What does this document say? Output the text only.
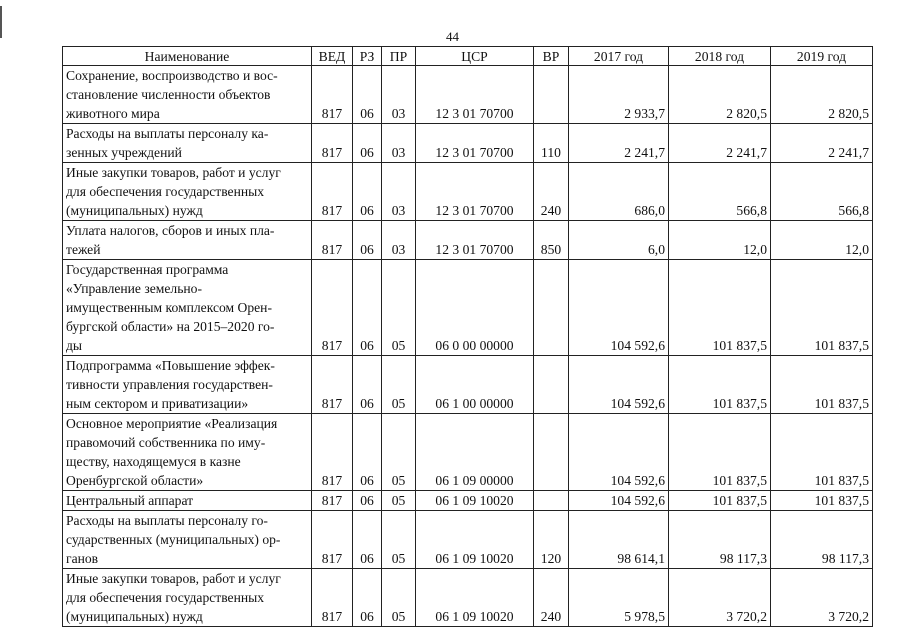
44
Наименование	ВЕД	РЗ	ПР	ЦСР	ВР	2017 год	2018 год	2019 год

Сохранение, воспроизводство и вос-
становление численности объектов
животного мира	817	06	03	12 3 01 70700		2 933,7	2 820,5	2 820,5

Расходы на выплаты персоналу ка-
зенных учреждений	817	06	03	12 3 01 70700	110	2 241,7	2 241,7	2 241,7

Иные закупки товаров, работ и услуг
для обеспечения государственных
(муниципальных) нужд	817	06	03	12 3 01 70700	240	686,0	566,8	566,8

Уплата налогов, сборов и иных пла-
тежей	817	06	03	12 3 01 70700	850	6,0	12,0	12,0

Государственная программа
«Управление земельно-
имущественным комплексом Орен-
бургской области» на 2015–2020 го-
ды	817	06	05	06 0 00 00000		104 592,6	101 837,5	101 837,5

Подпрограмма «Повышение эффек-
тивности управления государствен-
ным сектором и приватизации»	817	06	05	06 1 00 00000		104 592,6	101 837,5	101 837,5

Основное мероприятие «Реализация
правомочий собственника по иму-
ществу, находящемуся в казне
Оренбургской области»	817	06	05	06 1 09 00000		104 592,6	101 837,5	101 837,5

Центральный аппарат	817	06	05	06 1 09 10020		104 592,6	101 837,5	101 837,5

Расходы на выплаты персоналу го-
сударственных (муниципальных) ор-
ганов	817	06	05	06 1 09 10020	120	98 614,1	98 117,3	98 117,3

Иные закупки товаров, работ и услуг
для обеспечения государственных
(муниципальных) нужд	817	06	05	06 1 09 10020	240	5 978,5	3 720,2	3 720,2
